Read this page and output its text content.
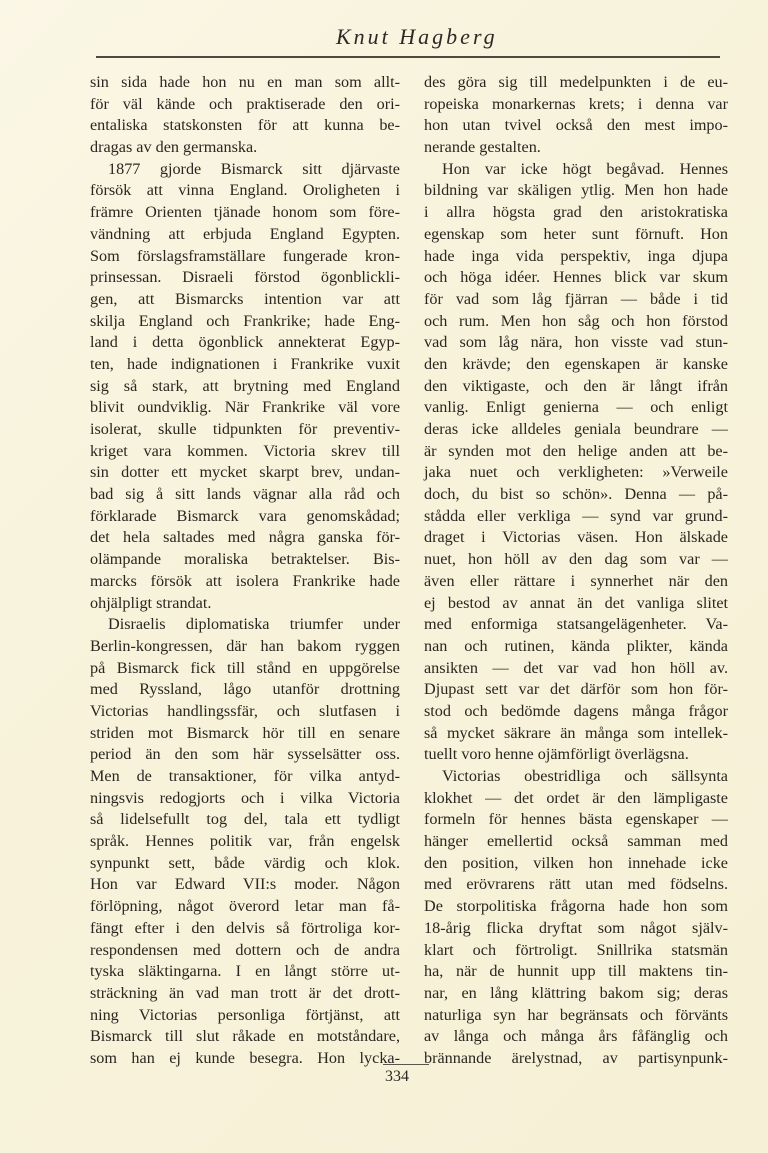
Knut Hagberg
sin sida hade hon nu en man som allt-
för väl kände och praktiserade den ori-
entaliska statskonsten för att kunna be-
dragas av den germanska.
1877 gjorde Bismarck sitt djärvaste
försök att vinna England. Oroligheten i
främre Orienten tjänade honom som före-
vändning att erbjuda England Egypten.
Som förslagsframställare fungerade kron-
prinsessan. Disraeli förstod ögonblickli-
gen, att Bismarcks intention var att
skilja England och Frankrike; hade Eng-
land i detta ögonblick annekterat Egyp-
ten, hade indignationen i Frankrike vuxit
sig så stark, att brytning med England
blivit oundviklig. När Frankrike väl vore
isolerat, skulle tidpunkten för preventiv-
kriget vara kommen. Victoria skrev till
sin dotter ett mycket skarpt brev, undan-
bad sig å sitt lands vägnar alla råd och
förklarade Bismarck vara genomskådad;
det hela saltades med några ganska för-
olämpande moraliska betraktelser. Bis-
marcks försök att isolera Frankrike hade
ohjälpligt strandat.
Disraelis diplomatiska triumfer under
Berlin-kongressen, där han bakom ryggen
på Bismarck fick till stånd en uppgörelse
med Ryssland, lågo utanför drottning
Victorias handlingssfär, och slutfasen i
striden mot Bismarck hör till en senare
period än den som här sysselsätter oss.
Men de transaktioner, för vilka antyd-
ningsvis redogjorts och i vilka Victoria
så lidelsefullt tog del, tala ett tydligt
språk. Hennes politik var, från engelsk
synpunkt sett, både värdig och klok.
Hon var Edward VII:s moder. Någon
förlöpning, något överord letar man få-
fängt efter i den delvis så förtroliga kor-
respondensen med dottern och de andra
tyska släktingarna. I en långt större ut-
sträckning än vad man trott är det drott-
ning Victorias personliga förtjänst, att
Bismarck till slut råkade en motståndare,
som han ej kunde besegra. Hon lycka-
des göra sig till medelpunkten i de eu-
ropeiska monarkernas krets; i denna var
hon utan tvivel också den mest impo-
nerande gestalten.
Hon var icke högt begåvad. Hennes
bildning var skäligen ytlig. Men hon hade
i allra högsta grad den aristokratiska
egenskap som heter sunt förnuft. Hon
hade inga vida perspektiv, inga djupa
och höga idéer. Hennes blick var skum
för vad som låg fjärran — både i tid
och rum. Men hon såg och hon förstod
vad som låg nära, hon visste vad stun-
den krävde; den egenskapen är kanske
den viktigaste, och den är långt ifrån
vanlig. Enligt genierna — och enligt
deras icke alldeles geniala beundrare —
är synden mot den helige anden att be-
jaka nuet och verkligheten: »Verweile
doch, du bist so schön». Denna — på-
stådda eller verkliga — synd var grund-
draget i Victorias väsen. Hon älskade
nuet, hon höll av den dag som var —
även eller rättare i synnerhet när den
ej bestod av annat än det vanliga slitet
med enformiga statsangelägenheter. Va-
nan och rutinen, kända plikter, kända
ansikten — det var vad hon höll av.
Djupast sett var det därför som hon för-
stod och bedömde dagens många frågor
så mycket säkrare än många som intellek-
tuellt voro henne ojämförligt överlägsna.
Victorias obestridliga och sällsynta
klokhet — det ordet är den lämpligaste
formeln för hennes bästa egenskaper —
hänger emellertid också samman med
den position, vilken hon innehade icke
med erövrarens rätt utan med födselns.
De storpolitiska frågorna hade hon som
18-årig flicka dryftat som något själv-
klart och förtroligt. Snillrika statsmän
ha, när de hunnit upp till maktens tin-
nar, en lång klättring bakom sig; deras
naturliga syn har begränsats och förvänts
av långa och många års fåfänglig och
brännande ärelystnad, av partisynpunk-
334
